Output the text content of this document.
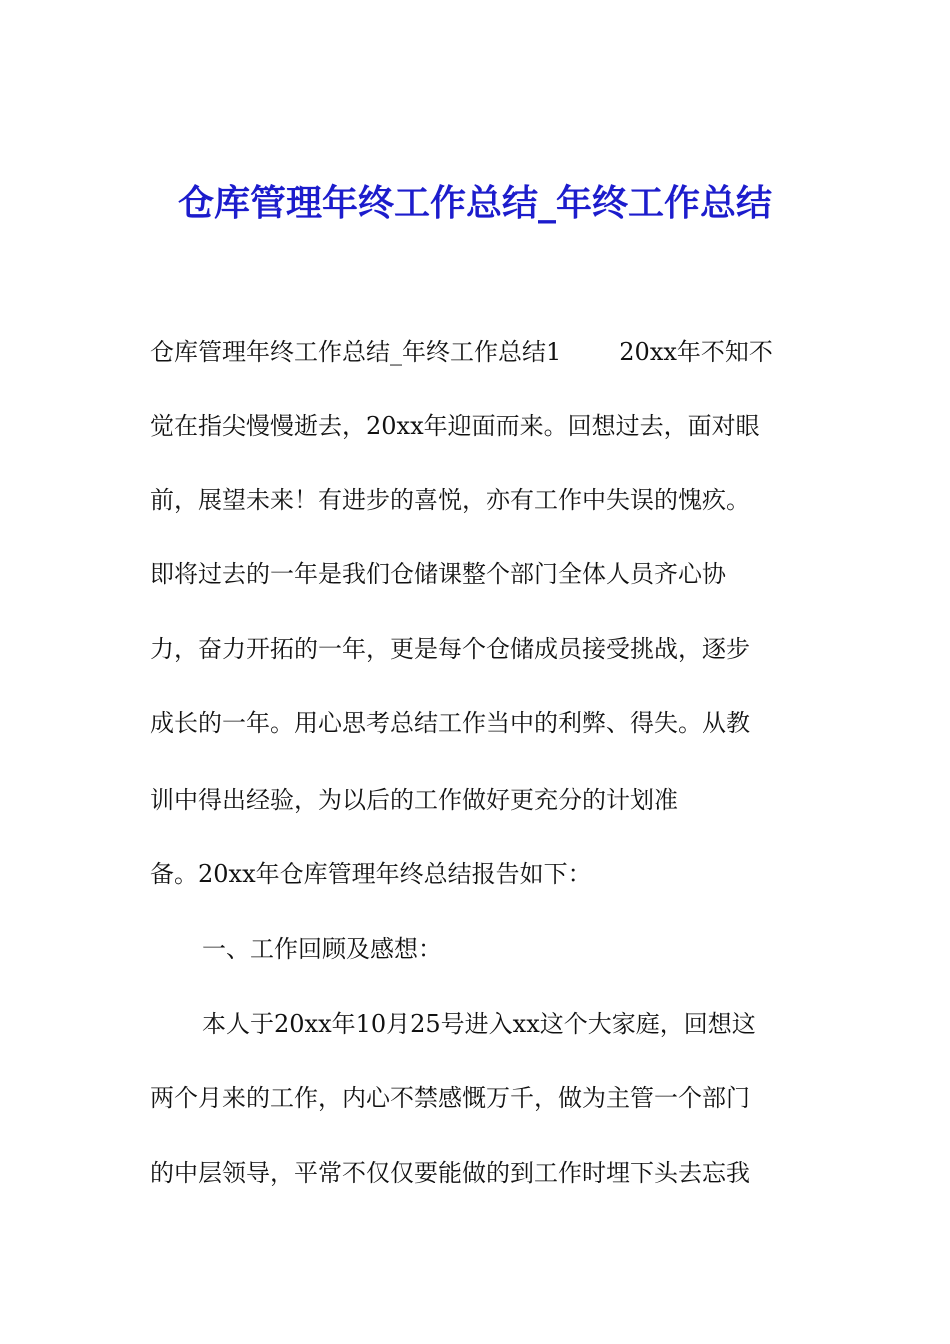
仓库管理年终工作总结_年终工作总结
仓库管理年终工作总结_年终工作总结1 20xx年不知不
觉在指尖慢慢逝去，20xx年迎面而来。回想过去，面对眼
前，展望未来！有进步的喜悦，亦有工作中失误的愧疚。
即将过去的一年是我们仓储课整个部门全体人员齐心协
力，奋力开拓的一年，更是每个仓储成员接受挑战，逐步
成长的一年。用心思考总结工作当中的利弊、得失。从教
训中得出经验，为以后的工作做好更充分的计划准
备。20xx年仓库管理年终总结报告如下：
一、工作回顾及感想：
本人于20xx年10月25号进入xx这个大家庭，回想这
两个月来的工作，内心不禁感慨万千，做为主管一个部门
的中层领导，平常不仅仅要能做的到工作时埋下头去忘我
